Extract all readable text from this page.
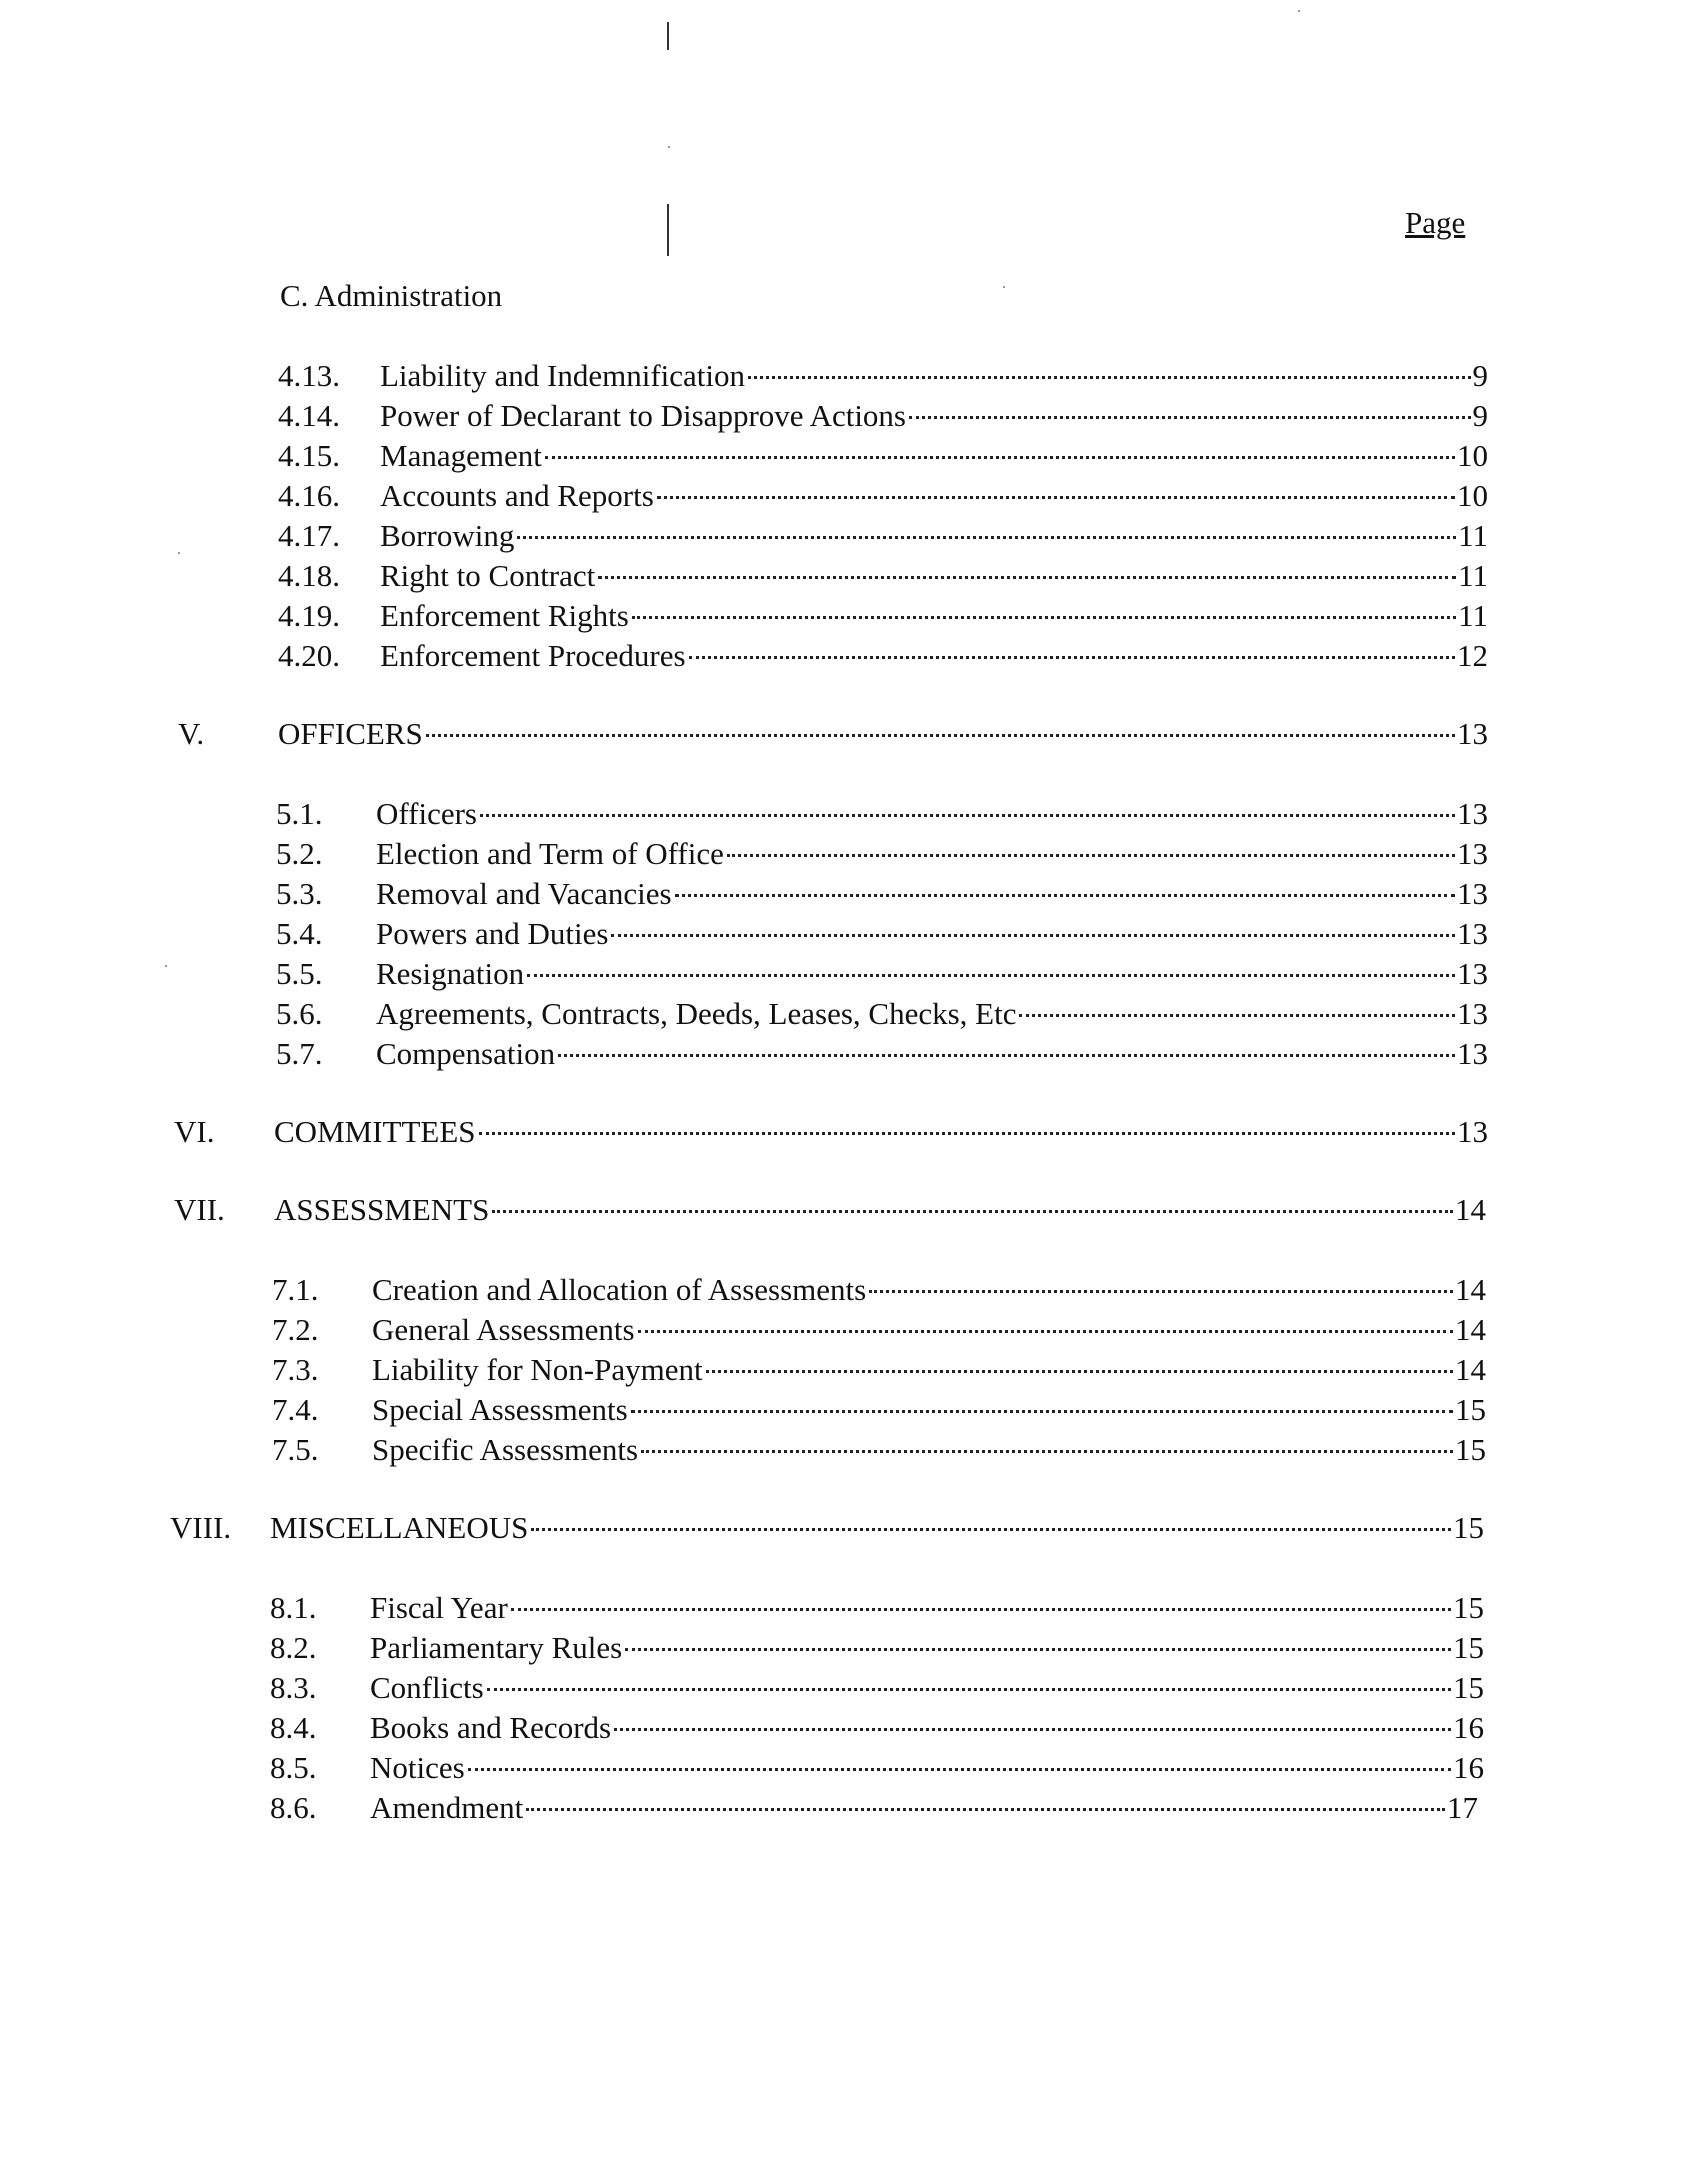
Page
C. Administration
4.13. Liability and Indemnification	9
4.14. Power of Declarant to Disapprove Actions	9
4.15. Management	10
4.16. Accounts and Reports	10
4.17. Borrowing	11
4.18. Right to Contract	11
4.19. Enforcement Rights	11
4.20. Enforcement Procedures	12
V. OFFICERS	13
5.1. Officers	13
5.2. Election and Term of Office	13
5.3. Removal and Vacancies	13
5.4. Powers and Duties	13
5.5. Resignation	13
5.6. Agreements, Contracts, Deeds, Leases, Checks, Etc	13
5.7. Compensation	13
VI. COMMITTEES	13
VII. ASSESSMENTS	14
7.1. Creation and Allocation of Assessments	14
7.2. General Assessments	14
7.3. Liability for Non-Payment	14
7.4. Special Assessments	15
7.5. Specific Assessments	15
VIII. MISCELLANEOUS	15
8.1. Fiscal Year	15
8.2. Parliamentary Rules	15
8.3. Conflicts	15
8.4. Books and Records	16
8.5. Notices	16
8.6. Amendment	17
